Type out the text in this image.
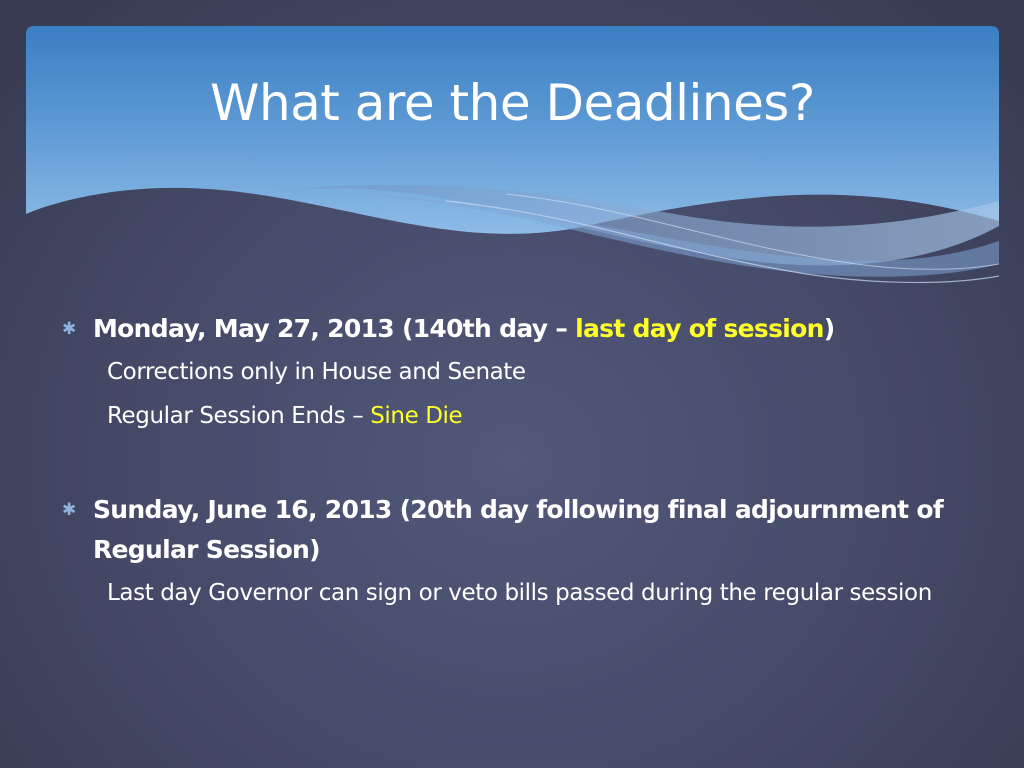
What are the Deadlines?
✱ Monday, May 27, 2013 (140th day – last day of session)
Corrections only in House and Senate
Regular Session Ends – Sine Die
✱ Sunday, June 16, 2013 (20th day following final adjournment of Regular Session)
Last day Governor can sign or veto bills passed during the regular session
